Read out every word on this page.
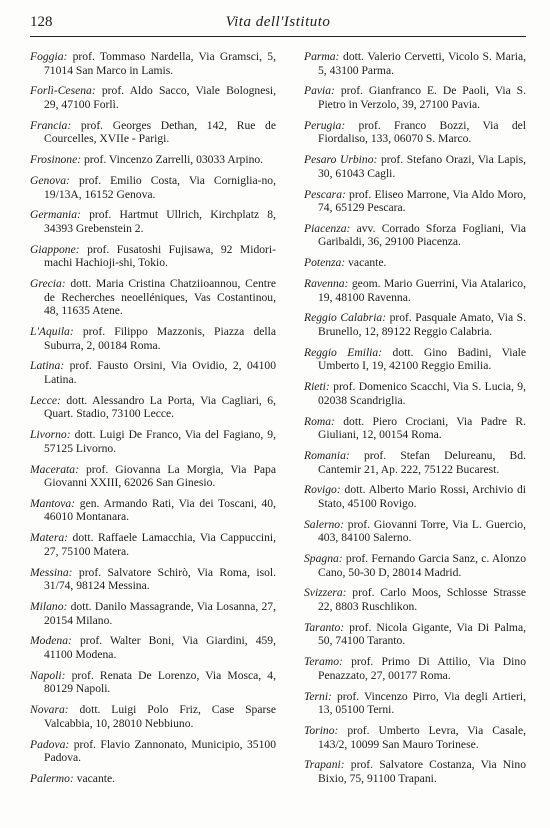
128	Vita dell'Istituto

Foggia: prof. Tommaso Nardella, Via Gramsci, 5, 71014 San Marco in Lamis.

Forlì-Cesena: prof. Aldo Sacco, Viale Bolognesi, 29, 47100 Forlì.

Francia: prof. Georges Dethan, 142, Rue de Courcelles, XVIIe - Parigi.

Frosinone: prof. Vincenzo Zarrelli, 03033 Arpino.

Genova: prof. Emilio Costa, Via Corniglia-no, 19/13A, 16152 Genova.

Germania: prof. Hartmut Ullrich, Kirchplatz 8, 34393 Grebenstein 2.

Giappone: prof. Fusatoshi Fujisawa, 92 Midori-machi Hachioji-shi, Tokio.

Grecia: dott. Maria Cristina Chatziioannou, Centre de Recherches neoelléniques, Vas Costantinou, 48, 11635 Atene.

L'Aquila: prof. Filippo Mazzonis, Piazza della Suburra, 2, 00184 Roma.

Latina: prof. Fausto Orsini, Via Ovidio, 2, 04100 Latina.

Lecce: dott. Alessandro La Porta, Via Cagliari, 6, Quart. Stadio, 73100 Lecce.

Livorno: dott. Luigi De Franco, Via del Fagiano, 9, 57125 Livorno.

Macerata: prof. Giovanna La Morgia, Via Papa Giovanni XXIII, 62026 San Ginesio.

Mantova: gen. Armando Rati, Via dei Toscani, 40, 46010 Montanara.

Matera: dott. Raffaele Lamacchia, Via Cappuccini, 27, 75100 Matera.

Messina: prof. Salvatore Schirò, Via Roma, isol. 31/74, 98124 Messina.

Milano: dott. Danilo Massagrande, Via Losanna, 27, 20154 Milano.

Modena: prof. Walter Boni, Via Giardini, 459, 41100 Modena.

Napoli: prof. Renata De Lorenzo, Via Mosca, 4, 80129 Napoli.

Novara: dott. Luigi Polo Friz, Case Sparse Valcabbia, 10, 28010 Nebbiuno.

Padova: prof. Flavio Zannonato, Municipio, 35100 Padova.

Palermo: vacante.

Parma: dott. Valerio Cervetti, Vicolo S. Maria, 5, 43100 Parma.

Pavia: prof. Gianfranco E. De Paoli, Via S. Pietro in Verzolo, 39, 27100 Pavia.

Perugia: prof. Franco Bozzi, Via del Fiordaliso, 133, 06070 S. Marco.

Pesaro Urbino: prof. Stefano Orazi, Via Lapis, 30, 61043 Cagli.

Pescara: prof. Eliseo Marrone, Via Aldo Moro, 74, 65129 Pescara.

Piacenza: avv. Corrado Sforza Fogliani, Via Garibaldi, 36, 29100 Piacenza.

Potenza: vacante.

Ravenna: geom. Mario Guerrini, Via Atalarico, 19, 48100 Ravenna.

Reggio Calabria: prof. Pasquale Amato, Via S. Brunello, 12, 89122 Reggio Calabria.

Reggio Emilia: dott. Gino Badini, Viale Umberto I, 19, 42100 Reggio Emilia.

Rieti: prof. Domenico Scacchi, Via S. Lucia, 9, 02038 Scandriglia.

Roma: dott. Piero Crociani, Via Padre R. Giuliani, 12, 00154 Roma.

Romania: prof. Stefan Delureanu, Bd. Cantemir 21, Ap. 222, 75122 Bucarest.

Rovigo: dott. Alberto Mario Rossi, Archivio di Stato, 45100 Rovigo.

Salerno: prof. Giovanni Torre, Via L. Guercio, 403, 84100 Salerno.

Spagna: prof. Fernando Garcia Sanz, c. Alonzo Cano, 50-30 D, 28014 Madrid.

Svizzera: prof. Carlo Moos, Schlosse Strasse 22, 8803 Ruschlikon.

Taranto: prof. Nicola Gigante, Via Di Palma, 50, 74100 Taranto.

Teramo: prof. Primo Di Attilio, Via Dino Penazzato, 27, 00177 Roma.

Terni: prof. Vincenzo Pirro, Via degli Artieri, 13, 05100 Terni.

Torino: prof. Umberto Levra, Via Casale, 143/2, 10099 San Mauro Torinese.

Trapani: prof. Salvatore Costanza, Via Nino Bixio, 75, 91100 Trapani.
